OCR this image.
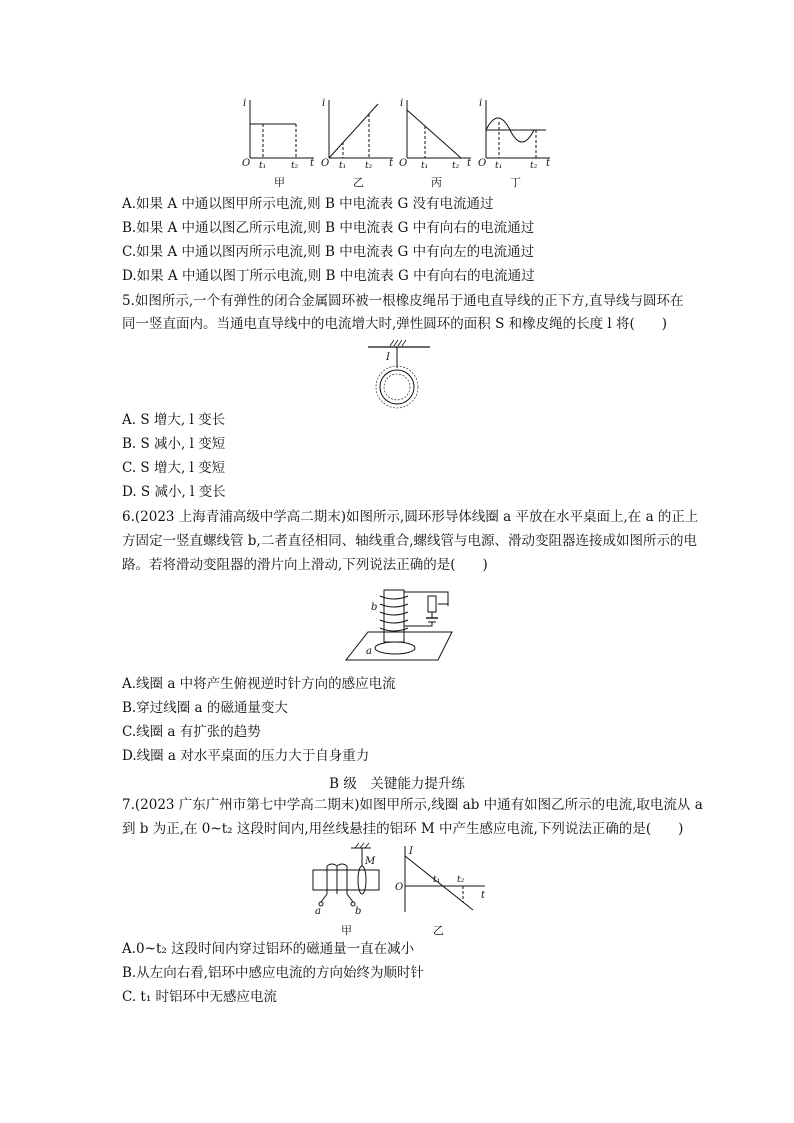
i	i	i	i
O	O	O	O
t	t	t	t
t₁	t₂	t₁ t₂	t₁	t₂	t₁	t₂
甲	乙	丙	丁
A.如果 A 中通以图甲所示电流,则 B 中电流表 G 没有电流通过
B.如果 A 中通以图乙所示电流,则 B 中电流表 G 中有向右的电流通过
C.如果 A 中通以图丙所示电流,则 B 中电流表 G 中有向左的电流通过
D.如果 A 中通以图丁所示电流,则 B 中电流表 G 中有向右的电流通过
5.如图所示,一个有弹性的闭合金属圆环被一根橡皮绳吊于通电直导线的正下方,直导线与圆环在
同一竖直面内。当通电直导线中的电流增大时,弹性圆环的面积 S 和橡皮绳的长度 l 将(　　)
I
A. S 增大, l 变长
B. S 减小, l 变短
C. S 增大, l 变短
D. S 减小, l 变长
6.(2023 上海青浦高级中学高二期末)如图所示,圆环形导体线圈 a 平放在水平桌面上,在 a 的正上
方固定一竖直螺线管 b,二者直径相同、轴线重合,螺线管与电源、滑动变阻器连接成如图所示的电
路。若将滑动变阻器的滑片向上滑动,下列说法正确的是(　　)
b
a
A.线圈 a 中将产生俯视逆时针方向的感应电流
B.穿过线圈 a 的磁通量变大
C.线圈 a 有扩张的趋势
D.线圈 a 对水平桌面的压力大于自身重力
B 级　关键能力提升练
7.(2023 广东广州市第七中学高二期末)如图甲所示,线圈 ab 中通有如图乙所示的电流,取电流从 a
到 b 为正,在 0~t₂ 这段时间内,用丝线悬挂的铝环 M 中产生感应电流,下列说法正确的是(　　)
M
a	b
甲
I
O
t
t₁ t₂
乙
A.0~t₂ 这段时间内穿过铝环的磁通量一直在减小
B.从左向右看,铝环中感应电流的方向始终为顺时针
C. t₁ 时铝环中无感应电流
